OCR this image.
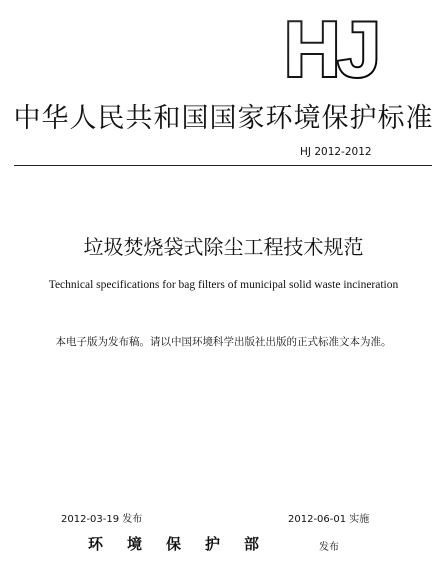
HJ
中华人民共和国国家环境保护标准
HJ 2012-2012
垃圾焚烧袋式除尘工程技术规范
Technical specifications for bag filters of municipal solid waste incineration
本电子版为发布稿。请以中国环境科学出版社出版的正式标准文本为准。
2012-03-19 发布	2012-06-01 实施
环境保护部	发布
